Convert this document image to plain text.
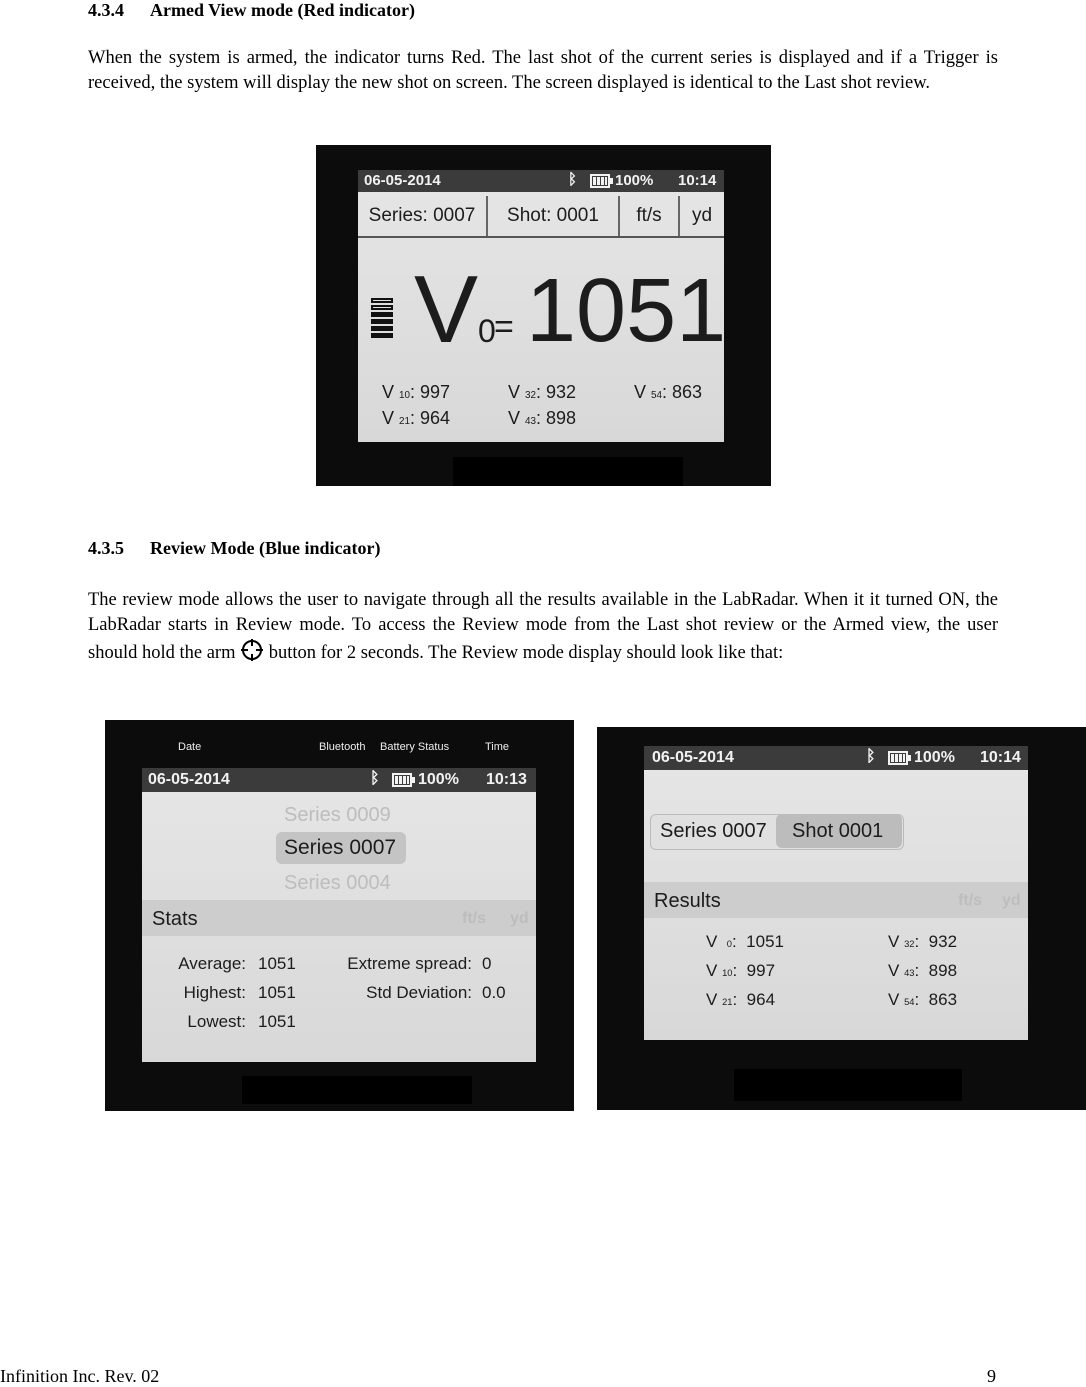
4.3.4 Armed View mode (Red indicator)
When the system is armed, the indicator turns Red. The last shot of the current series is displayed and if a Trigger is received, the system will display the new shot on screen. The screen displayed is identical to the Last shot review.
06-05-2014	ᛒ	100% 10:14
Series: 0007	Shot: 0001	ft/s	yd
V0
= 1051
V 10: 997
V 21: 964
V 32: 932
V 43: 898
V 54: 863
4.3.5 Review Mode (Blue indicator)
The review mode allows the user to navigate through all the results available in the LabRadar. When it it turned ON, the LabRadar starts in Review mode. To access the Review mode from the Last shot review or the Armed view, the user should hold the arm button for 2 seconds. The Review mode display should look like that:
Date	Bluetooth Battery Status	Time
06-05-2014	ᛒ 100% 10:13
Series 0009
Series 0007
Series 0004
Stats	ft/s yd
Average: 1051
Highest: 1051
Lowest: 1051
Extreme spread: 0
Std Deviation: 0.0
06-05-2014	ᛒ 100% 10:14
Series 0007 Shot 0001
Results	ft/s yd
V 0:  1051
V 10:  997
V 21:  964
V 32:  932
V 43:  898
V 54:  863
Infinition Inc. Rev. 02	9
